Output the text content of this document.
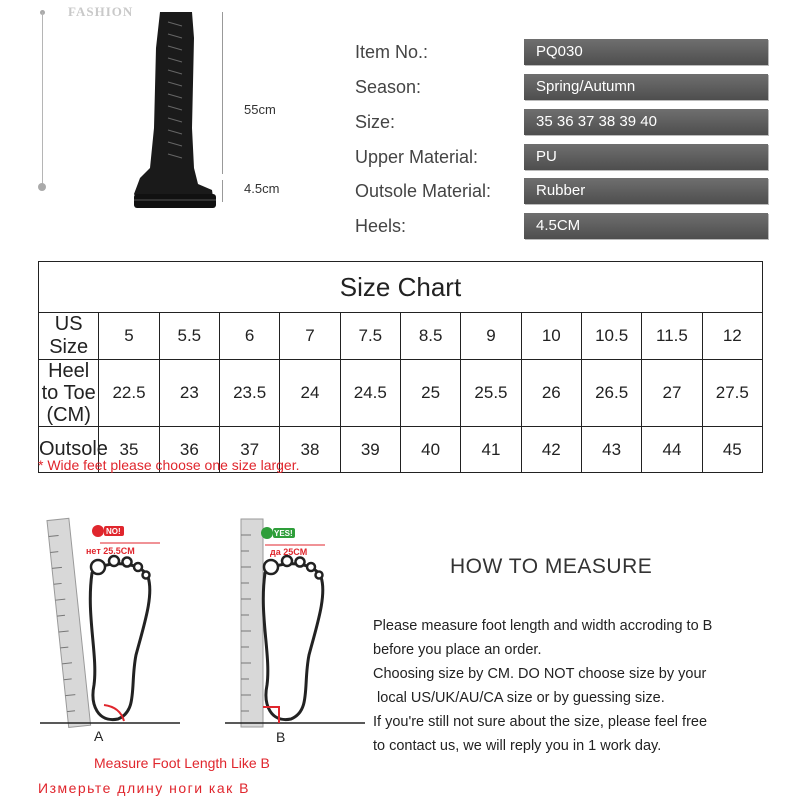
FASHION
55cm
4.5cm
Item No.:	PQ030
Season:	Spring/Autumn
Size:	35 36 37 38 39 40
Upper Material:	PU
Outsole Material:	Rubber
Heels:	4.5CM
Size Chart											
US Size	5	5.5	6	7	7.5	8.5	9	10	10.5	11.5	12
Heel to Toe
(CM)	22.5	23	23.5	24	24.5	25	25.5	26	26.5	27	27.5
Outsole	35	36	37	38	39	40	41	42	43	44	45
* Wide feet please choose one size larger.
NO!
нет 25.5CM
A
YES!
да 25CM
B
Measure Foot Length Like B
Измерьте длину ноги как В
HOW TO MEASURE
Please measure foot length and width accroding to B
before you place an order.
Choosing size by CM. DO NOT choose size by your
local US/UK/AU/CA size or by guessing size.
If you're still not sure about the size, please feel free
to contact us, we will reply you in 1 work day.
